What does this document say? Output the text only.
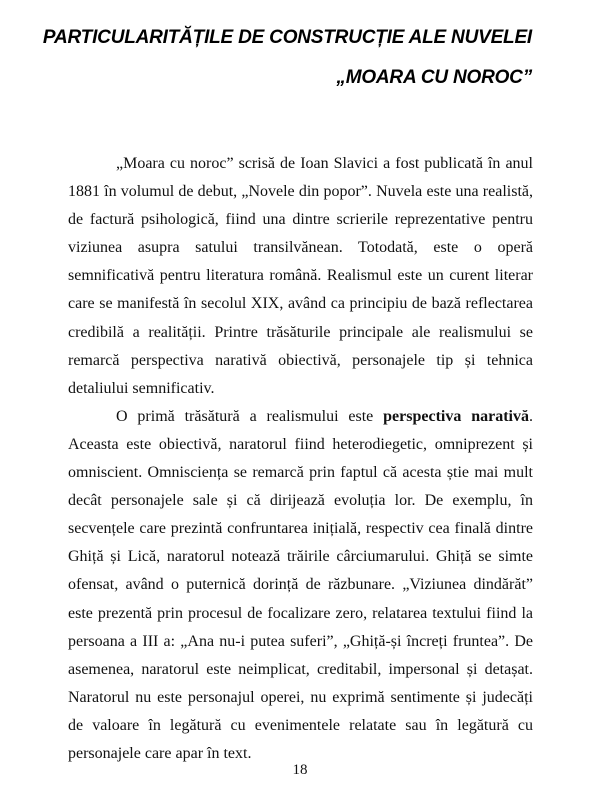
PARTICULARITĂȚILE DE CONSTRUCȚIE ALE NUVELEI
„MOARA CU NOROC”

„Moara cu noroc” scrisă de Ioan Slavici a fost publicată în anul 1881 în volumul de debut, „Novele din popor”. Nuvela este una realistă, de factură psihologică, fiind una dintre scrierile reprezentative pentru viziunea asupra satului transilvănean. Totodată, este o operă semnificativă pentru literatura română. Realismul este un curent literar care se manifestă în secolul XIX, având ca principiu de bază reflectarea credibilă a realității. Printre trăsăturile principale ale realismului se remarcă perspectiva narativă obiectivă, personajele tip și tehnica detaliului semnificativ.

O primă trăsătură a realismului este perspectiva narativă. Aceasta este obiectivă, naratorul fiind heterodiegetic, omniprezent și omniscient. Omnisciența se remarcă prin faptul că acesta știe mai mult decât personajele sale și că dirijează evoluția lor. De exemplu, în secvențele care prezintă confruntarea inițială, respectiv cea finală dintre Ghiță și Lică, naratorul notează trăirile cârciumarului. Ghiță se simte ofensat, având o puternică dorință de răzbunare. „Viziunea dindărăt” este prezentă prin procesul de focalizare zero, relatarea textului fiind la persoana a III a: „Ana nu-i putea suferi”, „Ghiță-și încreți fruntea”. De asemenea, naratorul este neimplicat, creditabil, impersonal și detașat. Naratorul nu este personajul operei, nu exprimă sentimente și judecăți de valoare în legătură cu evenimentele relatate sau în legătură cu personajele care apar în text.

18
